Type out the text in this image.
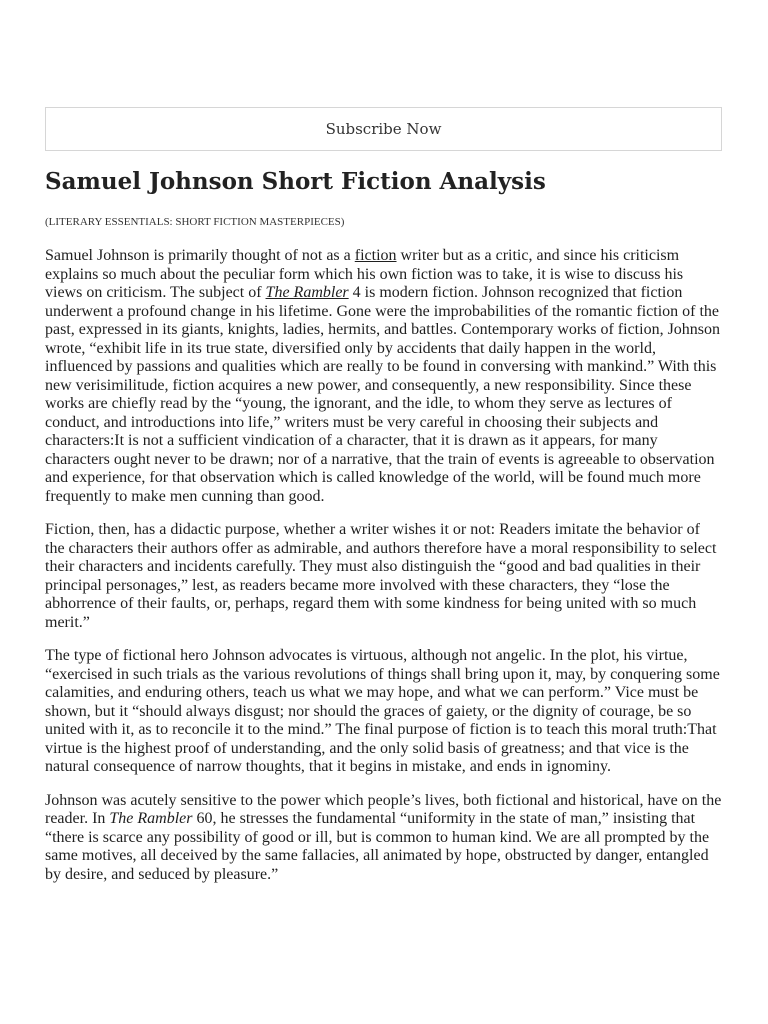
Subscribe Now
Samuel Johnson Short Fiction Analysis
(LITERARY ESSENTIALS: SHORT FICTION MASTERPIECES)

Samuel Johnson is primarily thought of not as a fiction writer but as a critic, and since his criticism explains so much about the peculiar form which his own fiction was to take, it is wise to discuss his views on criticism. The subject of The Rambler 4 is modern fiction. Johnson recognized that fiction underwent a profound change in his lifetime. Gone were the improbabilities of the romantic fiction of the past, expressed in its giants, knights, ladies, hermits, and battles. Contemporary works of fiction, Johnson wrote, “exhibit life in its true state, diversified only by accidents that daily happen in the world, influenced by passions and qualities which are really to be found in conversing with mankind.” With this new verisimilitude, fiction acquires a new power, and consequently, a new responsibility. Since these works are chiefly read by the “young, the ignorant, and the idle, to whom they serve as lectures of conduct, and introductions into life,” writers must be very careful in choosing their subjects and characters:It is not a sufficient vindication of a character, that it is drawn as it appears, for many characters ought never to be drawn; nor of a narrative, that the train of events is agreeable to observation and experience, for that observation which is called knowledge of the world, will be found much more frequently to make men cunning than good.

Fiction, then, has a didactic purpose, whether a writer wishes it or not: Readers imitate the behavior of the characters their authors offer as admirable, and authors therefore have a moral responsibility to select their characters and incidents carefully. They must also distinguish the “good and bad qualities in their principal personages,” lest, as readers became more involved with these characters, they “lose the abhorrence of their faults, or, perhaps, regard them with some kindness for being united with so much merit.”

The type of fictional hero Johnson advocates is virtuous, although not angelic. In the plot, his virtue, “exercised in such trials as the various revolutions of things shall bring upon it, may, by conquering some calamities, and enduring others, teach us what we may hope, and what we can perform.” Vice must be shown, but it “should always disgust; nor should the graces of gaiety, or the dignity of courage, be so united with it, as to reconcile it to the mind.” The final purpose of fiction is to teach this moral truth:That virtue is the highest proof of understanding, and the only solid basis of greatness; and that vice is the natural consequence of narrow thoughts, that it begins in mistake, and ends in ignominy.

Johnson was acutely sensitive to the power which people’s lives, both fictional and historical, have on the reader. In The Rambler 60, he stresses the fundamental “uniformity in the state of man,” insisting that “there is scarce any possibility of good or ill, but is common to human kind. We are all prompted by the same motives, all deceived by the same fallacies, all animated by hope, obstructed by danger, entangled by desire, and seduced by pleasure.”
